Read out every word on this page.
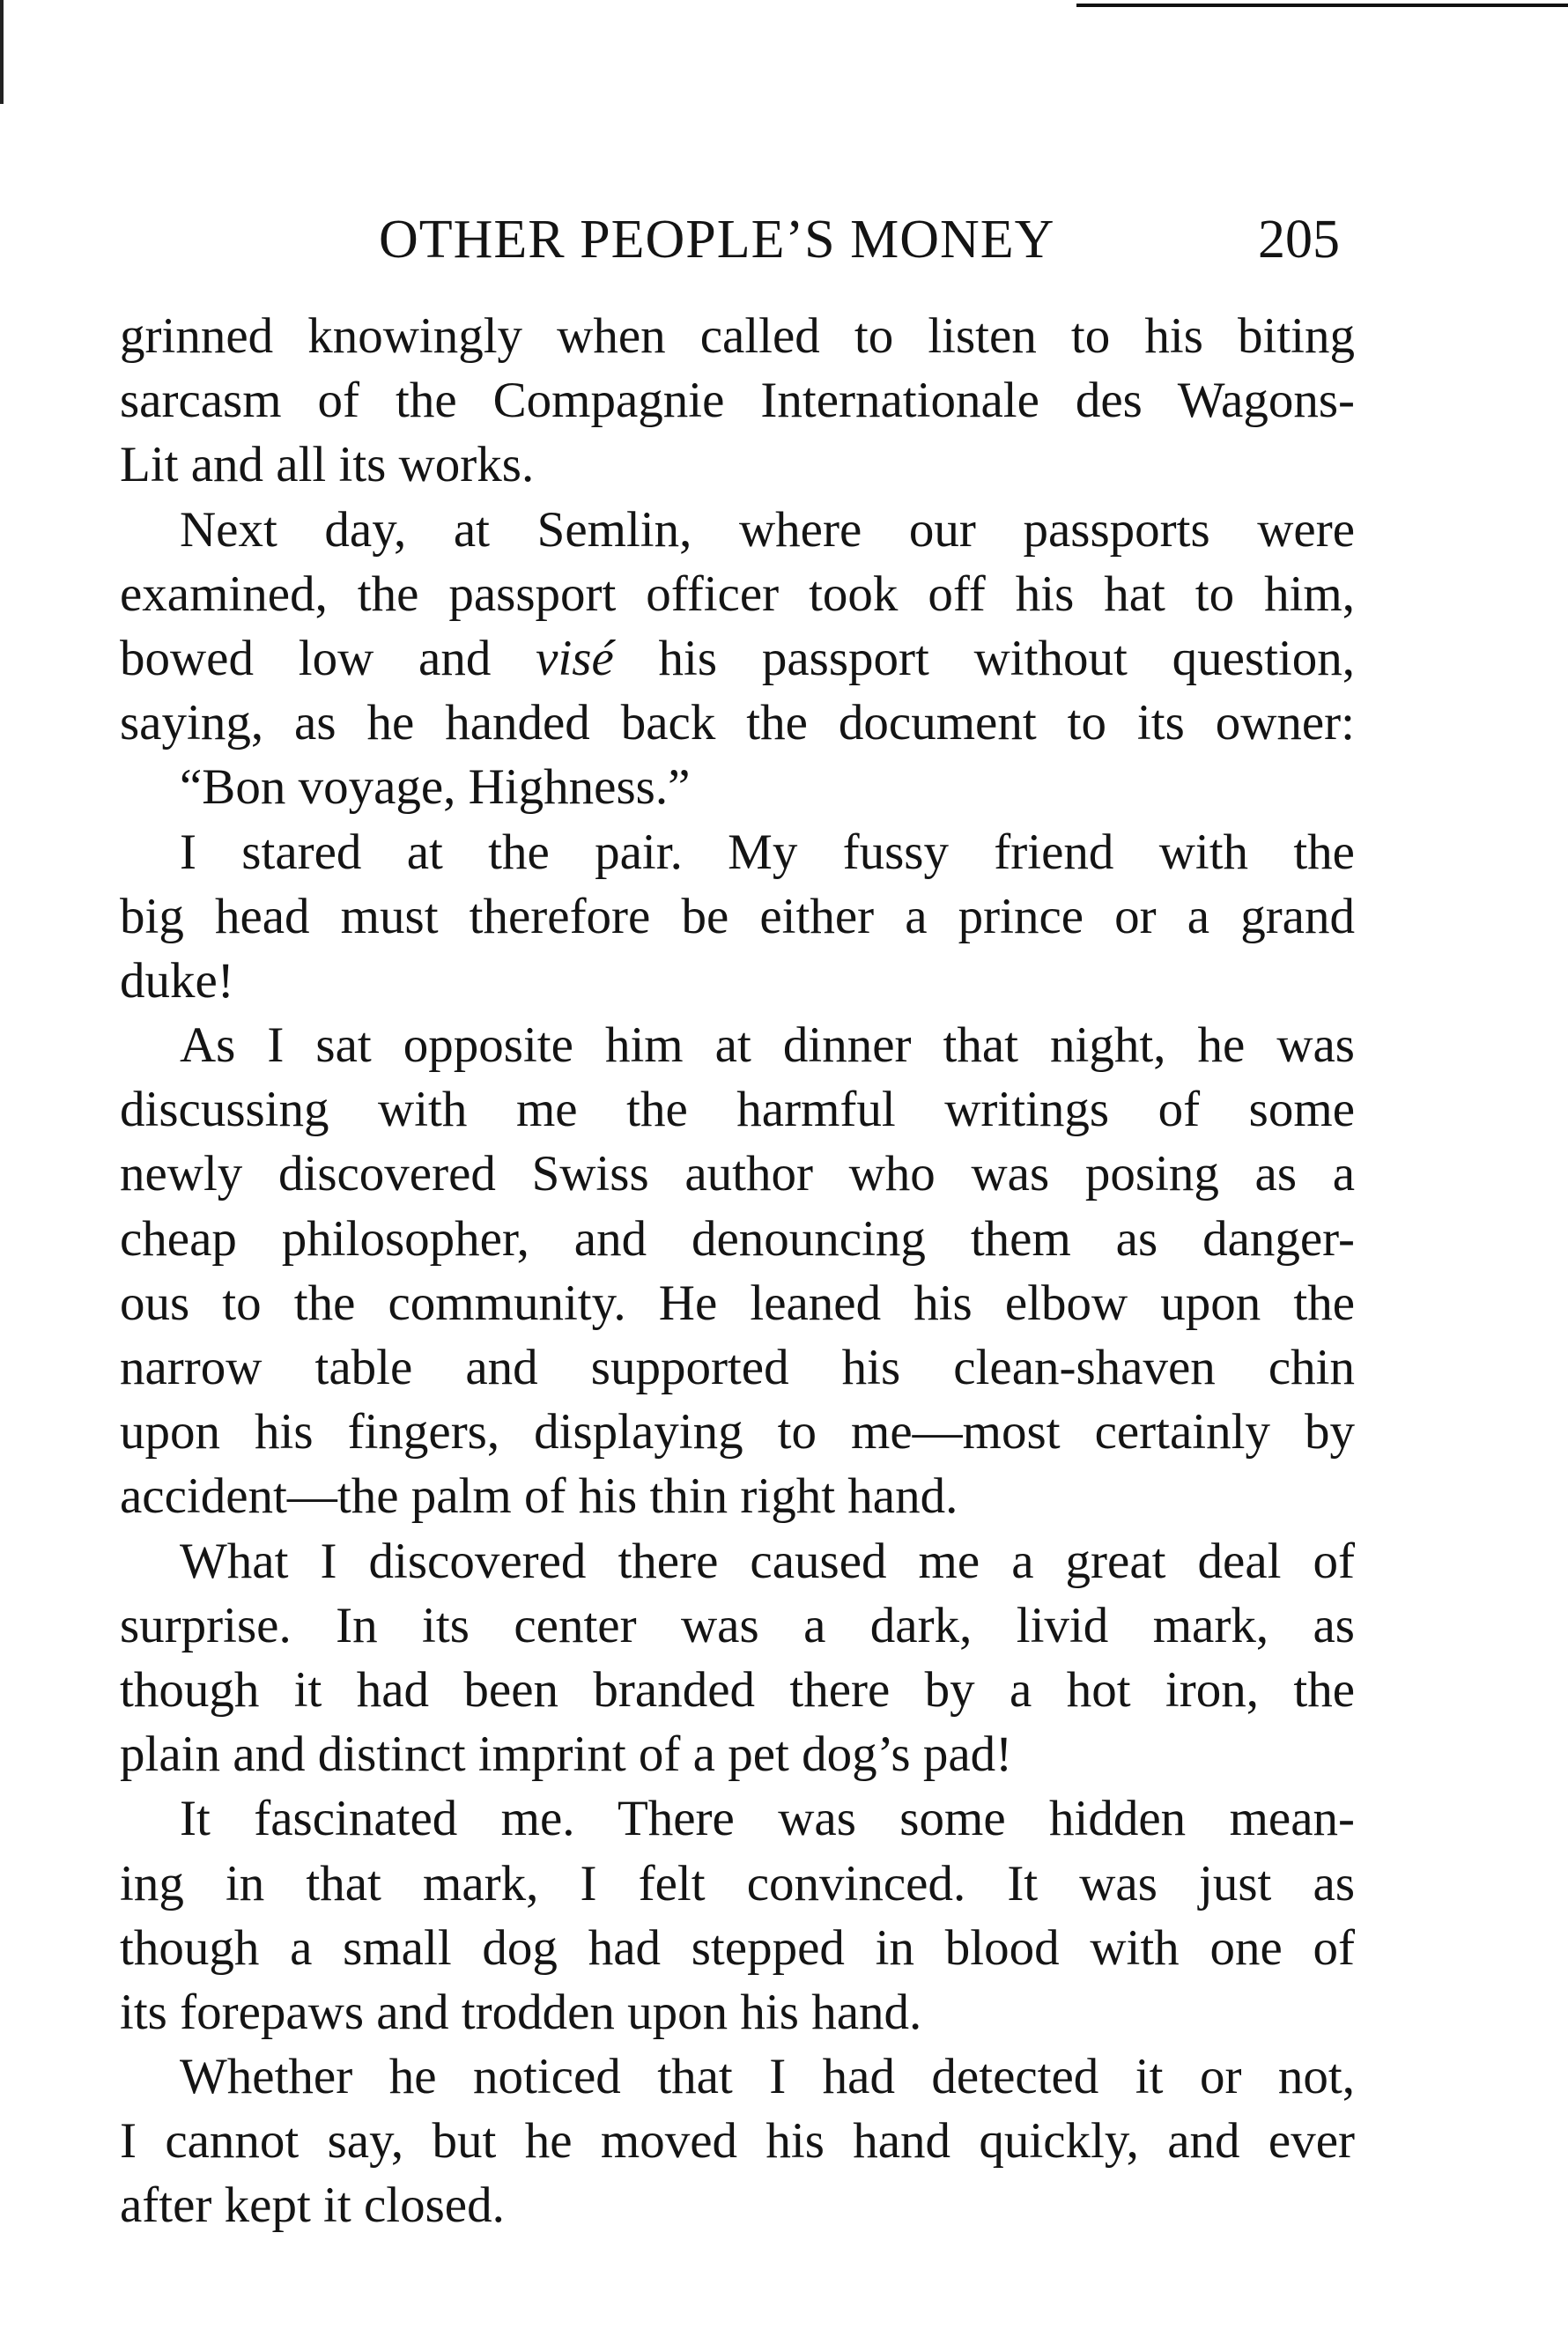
OTHER PEOPLE’S MONEY	205
grinned knowingly when called to listen to his biting
sarcasm of the Compagnie Internationale des Wagons-
Lit and all its works.
Next day, at Semlin, where our passports were
examined, the passport officer took off his hat to him,
bowed low and visé his passport without question,
saying, as he handed back the document to its owner:
“Bon voyage, Highness.”
I stared at the pair. My fussy friend with the
big head must therefore be either a prince or a grand
duke!
As I sat opposite him at dinner that night, he was
discussing with me the harmful writings of some
newly discovered Swiss author who was posing as a
cheap philosopher, and denouncing them as danger-
ous to the community. He leaned his elbow upon the
narrow table and supported his clean-shaven chin
upon his fingers, displaying to me—most certainly by
accident—the palm of his thin right hand.
What I discovered there caused me a great deal of
surprise. In its center was a dark, livid mark, as
though it had been branded there by a hot iron, the
plain and distinct imprint of a pet dog’s pad!
It fascinated me. There was some hidden mean-
ing in that mark, I felt convinced. It was just as
though a small dog had stepped in blood with one of
its forepaws and trodden upon his hand.
Whether he noticed that I had detected it or not,
I cannot say, but he moved his hand quickly, and ever
after kept it closed.
